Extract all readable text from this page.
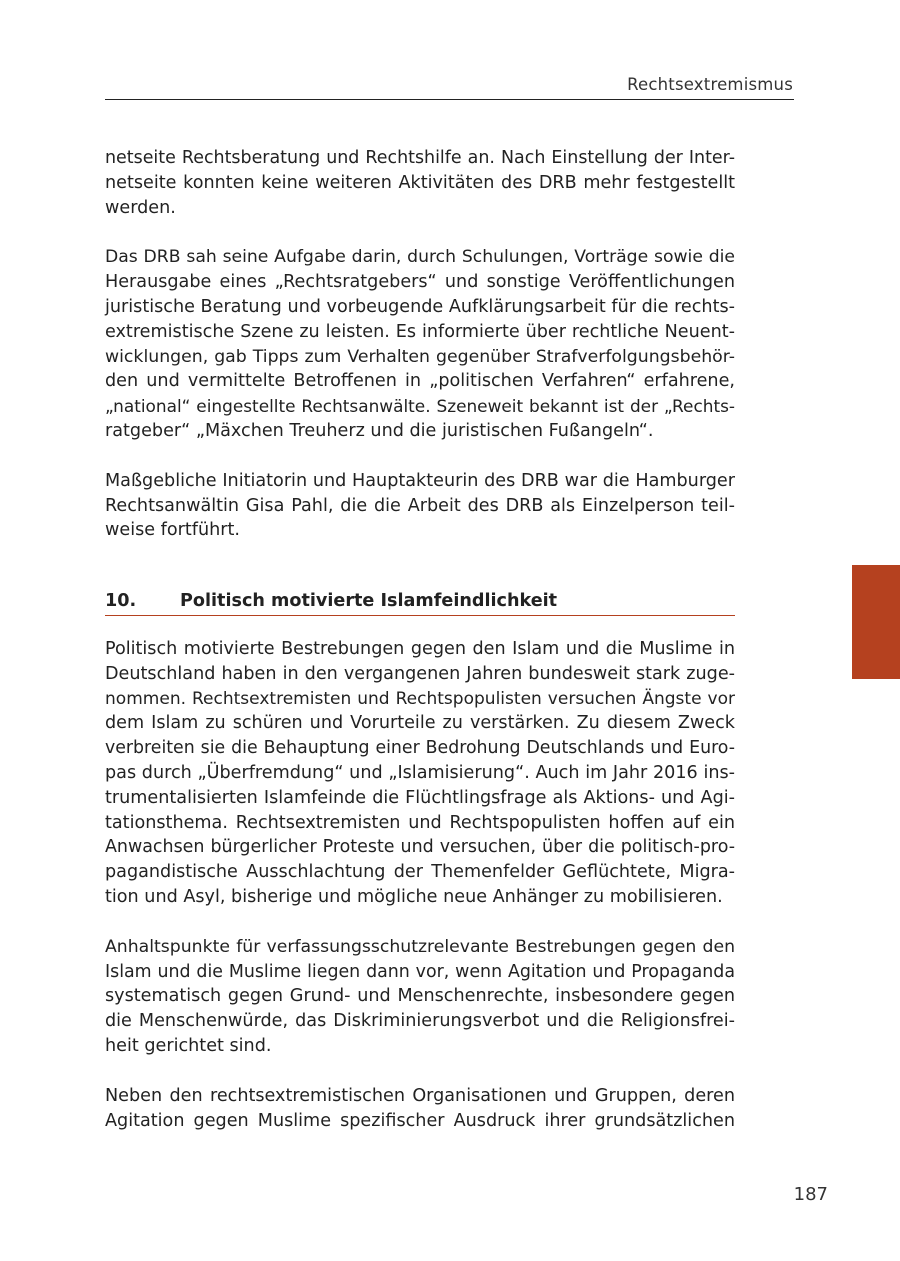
Rechtsextremismus

netseite Rechtsberatung und Rechtshilfe an. Nach Einstellung der Inter-
netseite konnten keine weiteren Aktivitäten des DRB mehr festgestellt
werden.

Das DRB sah seine Aufgabe darin, durch Schulungen, Vorträge sowie die
Herausgabe eines „Rechtsratgebers“ und sonstige Veröffentlichungen
juristische Beratung und vorbeugende Aufklärungsarbeit für die rechts-
extremistische Szene zu leisten. Es informierte über rechtliche Neuent-
wicklungen, gab Tipps zum Verhalten gegenüber Strafverfolgungsbehör-
den und vermittelte Betroffenen in „politischen Verfahren“ erfahrene,
„national“ eingestellte Rechtsanwälte. Szeneweit bekannt ist der „Rechts-
ratgeber“ „Mäxchen Treuherz und die juristischen Fußangeln“.

Maßgebliche Initiatorin und Hauptakteurin des DRB war die Hamburger
Rechtsanwältin Gisa Pahl, die die Arbeit des DRB als Einzelperson teil-
weise fortführt.

10. Politisch motivierte Islamfeindlichkeit

Politisch motivierte Bestrebungen gegen den Islam und die Muslime in
Deutschland haben in den vergangenen Jahren bundesweit stark zuge-
nommen. Rechtsextremisten und Rechtspopulisten versuchen Ängste vor
dem Islam zu schüren und Vorurteile zu verstärken. Zu diesem Zweck
verbreiten sie die Behauptung einer Bedrohung Deutschlands und Euro-
pas durch „Überfremdung“ und „Islamisierung“. Auch im Jahr 2016 ins-
trumentalisierten Islamfeinde die Flüchtlingsfrage als Aktions- und Agi-
tationsthema. Rechtsextremisten und Rechtspopulisten hoffen auf ein
Anwachsen bürgerlicher Proteste und versuchen, über die politisch-pro-
pagandistische Ausschlachtung der Themenfelder Geflüchtete, Migra-
tion und Asyl, bisherige und mögliche neue Anhänger zu mobilisieren.

Anhaltspunkte für verfassungsschutzrelevante Bestrebungen gegen den
Islam und die Muslime liegen dann vor, wenn Agitation und Propaganda
systematisch gegen Grund- und Menschenrechte, insbesondere gegen
die Menschenwürde, das Diskriminierungsverbot und die Religionsfrei-
heit gerichtet sind.

Neben den rechtsextremistischen Organisationen und Gruppen, deren
Agitation gegen Muslime spezifischer Ausdruck ihrer grundsätzlichen

187
